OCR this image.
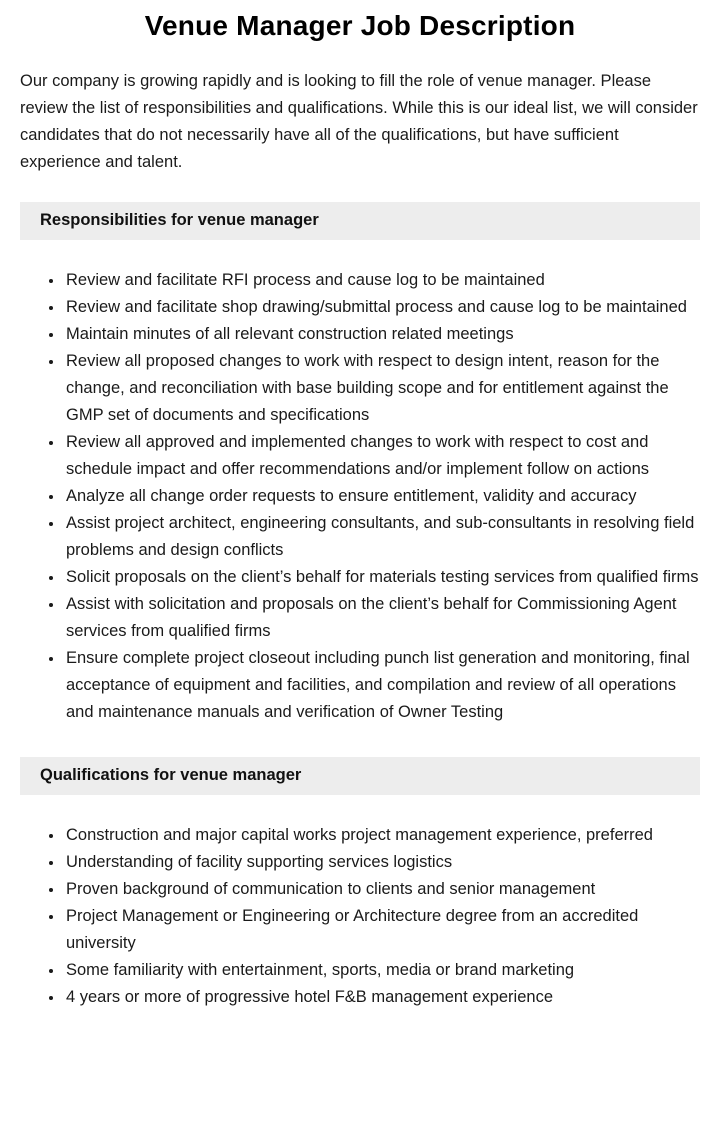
Venue Manager Job Description

Our company is growing rapidly and is looking to fill the role of venue manager. Please review the list of responsibilities and qualifications. While this is our ideal list, we will consider candidates that do not necessarily have all of the qualifications, but have sufficient experience and talent.

Responsibilities for venue manager
• Review and facilitate RFI process and cause log to be maintained
• Review and facilitate shop drawing/submittal process and cause log to be maintained
• Maintain minutes of all relevant construction related meetings
• Review all proposed changes to work with respect to design intent, reason for the change, and reconciliation with base building scope and for entitlement against the GMP set of documents and specifications
• Review all approved and implemented changes to work with respect to cost and schedule impact and offer recommendations and/or implement follow on actions
• Analyze all change order requests to ensure entitlement, validity and accuracy
• Assist project architect, engineering consultants, and sub-consultants in resolving field problems and design conflicts
• Solicit proposals on the client’s behalf for materials testing services from qualified firms
• Assist with solicitation and proposals on the client’s behalf for Commissioning Agent services from qualified firms
• Ensure complete project closeout including punch list generation and monitoring, final acceptance of equipment and facilities, and compilation and review of all operations and maintenance manuals and verification of Owner Testing
Qualifications for venue manager
• Construction and major capital works project management experience, preferred
• Understanding of facility supporting services logistics
• Proven background of communication to clients and senior management
• Project Management or Engineering or Architecture degree from an accredited university
• Some familiarity with entertainment, sports, media or brand marketing
• 4 years or more of progressive hotel F&B management experience
